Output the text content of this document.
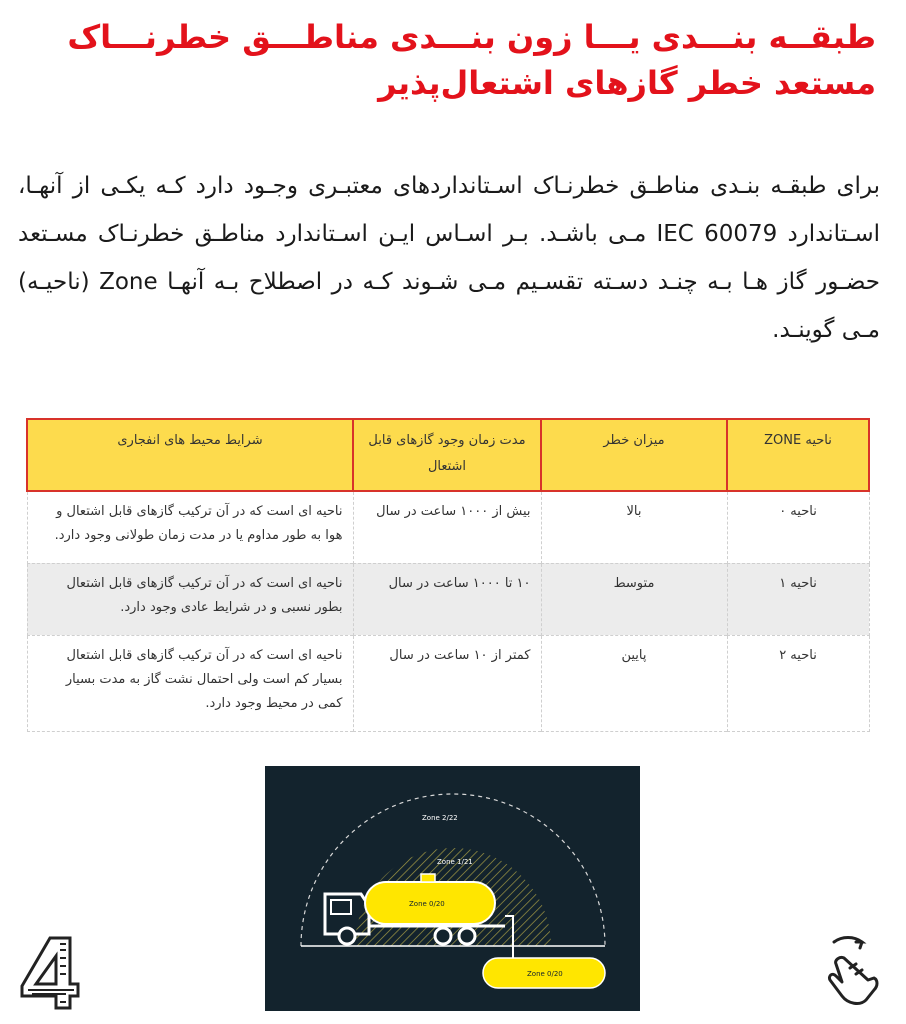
طبقــه بنـــدی یـــا زون بنـــدی مناطـــق خطرنـــاک
مستعد خطر گازهای اشتعال‌پذیر

برای طبقـه بنـدی مناطـق خطرنـاک اسـتانداردهای معتبـری وجـود دارد کـه یکـی از آنهـا، اسـتاندارد IEC 60079 مـی باشـد. بـر اسـاس ایـن اسـتاندارد مناطـق خطرنـاک مسـتعد حضـور گاز هـا بـه چنـد دسـته تقسـیم مـی شـوند کـه در اصطلاح بـه آنهـا Zone (ناحیـه) مـی گوینـد.

ناحیه ZONE	میزان خطر	مدت زمان وجود گازهای قابل اشتعال	شرایط محیط های انفجاری
ناحیه ۰	بالا	بیش از ۱۰۰۰ ساعت در سال	ناحیه ای است که در آن ترکیب گازهای قابل اشتعال و هوا به طور مداوم یا در مدت زمان طولانی وجود دارد.
ناحیه ۱	متوسط	۱۰ تا ۱۰۰۰ ساعت در سال	ناحیه ای است که در آن ترکیب گازهای قابل اشتعال بطور نسبی و در شرایط عادی وجود دارد.
ناحیه ۲	پایین	کمتر از ۱۰ ساعت در سال	ناحیه ای است که در آن ترکیب گازهای قابل اشتعال بسیار کم است ولی احتمال نشت گاز به مدت بسیار کمی در محیط وجود دارد.
Zone 2/22
Zone 1/21
Zone 0/20
Zone 0/20
4
